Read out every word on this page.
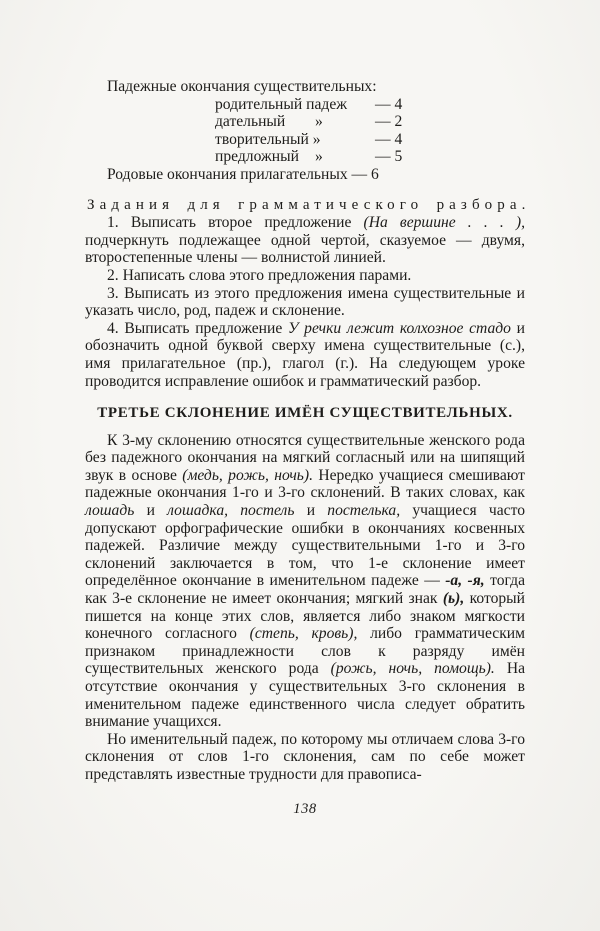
Падежные окончания существительных:
родительный падеж — 4
дательный	»	— 2
творительный »	— 4
предложный	»	— 5
Родовые окончания прилагательных — 6
Задания для грамматического разбора.

1. Выписать второе предложение (На вершине . . . ), подчеркнуть подлежащее одной чертой, сказуемое — двумя, второстепенные члены — волнистой линией.

2. Написать слова этого предложения парами.

3. Выписать из этого предложения имена существительные и указать число, род, падеж и склонение.

4. Выписать предложение У речки лежит колхозное стадо и обозначить одной буквой сверху имена существительные (с.), имя прилагательное (пр.), глагол (г.). На следующем уроке проводится исправление ошибок и грамматический разбор.

ТРЕТЬЕ СКЛОНЕНИЕ ИМЁН СУЩЕСТВИТЕЛЬНЫХ.

К 3-му склонению относятся существительные женского рода без падежного окончания на мягкий согласный или на шипящий звук в основе (медь, рожь, ночь). Нередко учащиеся смешивают падежные окончания 1-го и 3-го склонений. В таких словах, как лошадь и лошадка, постель и постелька, учащиеся часто допускают орфографические ошибки в окончаниях косвенных падежей. Различие между существительными 1-го и 3-го склонений заключается в том, что 1-е склонение имеет определённое окончание в именительном падеже — -а, -я, тогда как 3-е склонение не имеет окончания; мягкий знак (ь), который пишется на конце этих слов, является либо знаком мягкости конечного согласного (степь, кровь), либо грамматическим признаком принадлежности слов к разряду имён существительных женского рода (рожь, ночь, помощь). На отсутствие окончания у существительных 3-го склонения в именительном падеже единственного числа следует обратить внимание учащихся.

Но именительный падеж, по которому мы отличаем слова 3-го склонения от слов 1-го склонения, сам по себе может представлять известные трудности для правописа-

138
